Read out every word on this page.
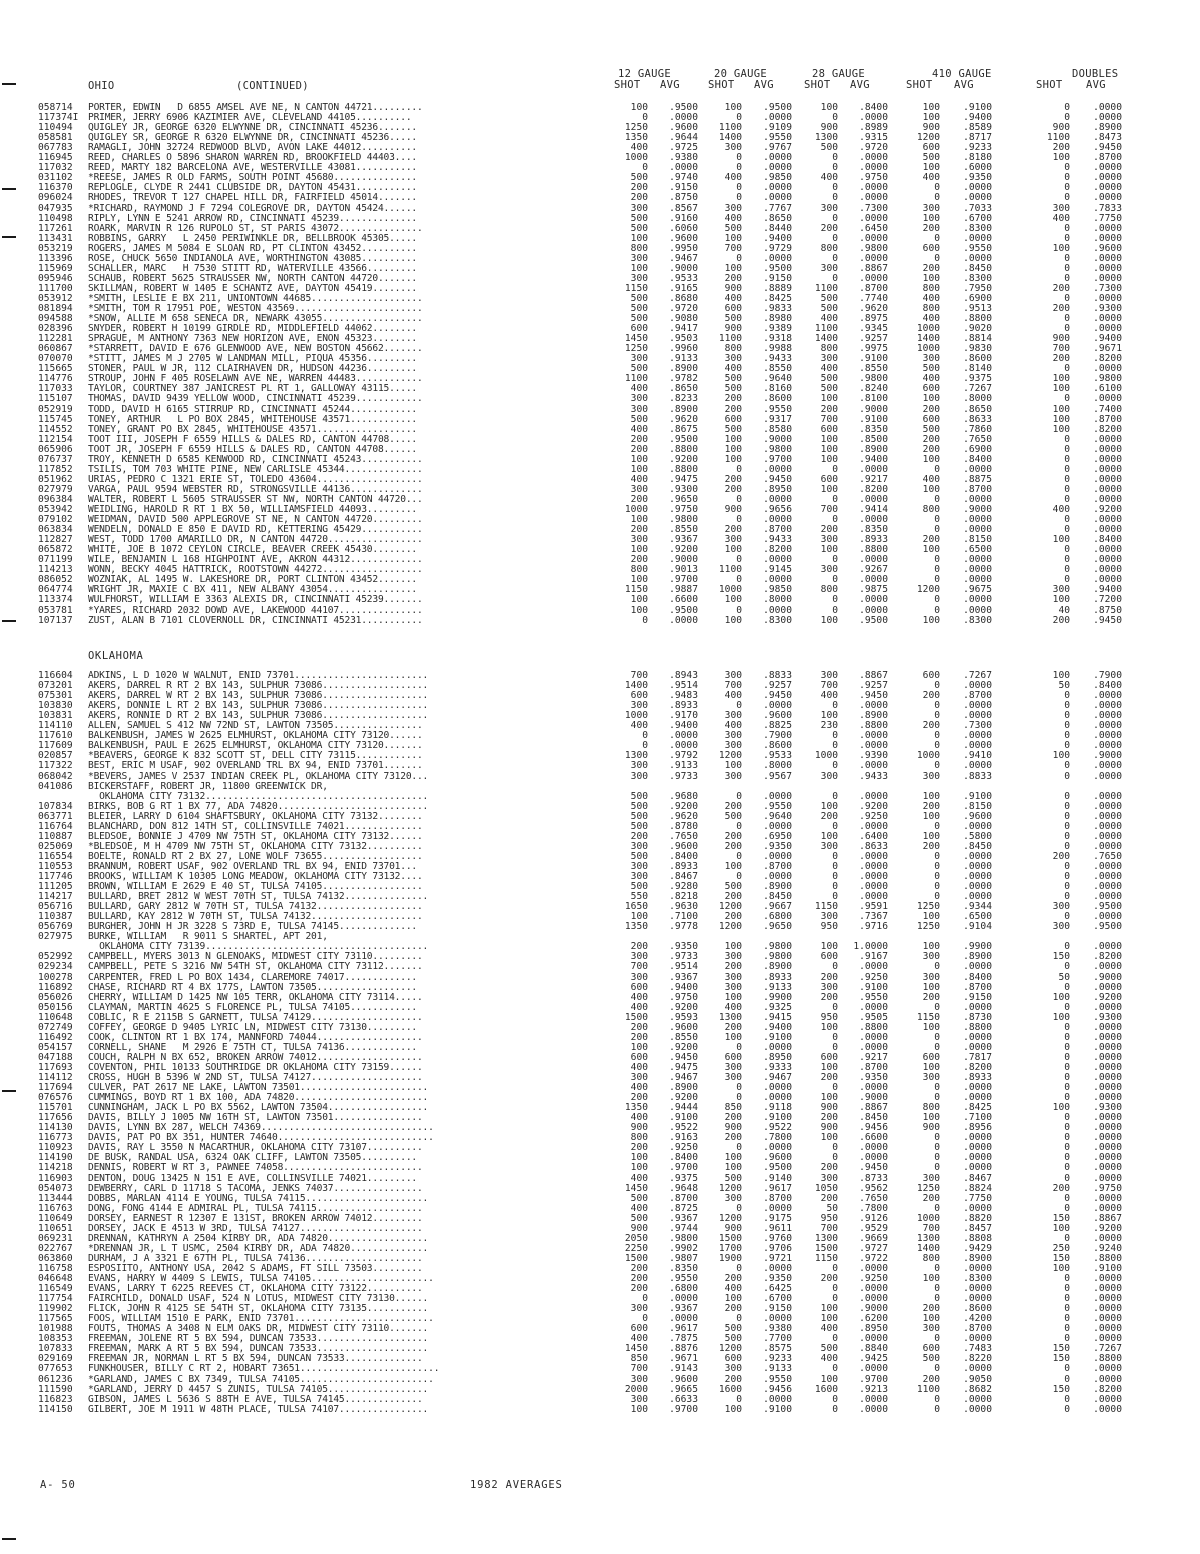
OHIO	(CONTINUED)
12 GAUGE	20 GAUGE	28 GAUGE	410 GAUGE	DOUBLES
SHOT AVG	SHOT AVG	SHOT AVG	SHOT AVG	SHOT AVG
058714	PORTER, EDWIN   D 6855 AMSEL AVE NE, N CANTON 44721.........	100	.9500	100	.9500	100	.8400	100	.9100	0	.0000
117374I PRIMER, JERRY 6906 KAZIMIER AVE, CLEVELAND 44105..........	0	.0000	0	.0000	0	.0000	100	.9400	0	.0000
110494	QUIGLEY JR, GEORGE 6320 ELWYNNE DR, CINCINNATI 45236.......	1250	.9600	1100	.9109	900	.8989	900	.8589	900	.8900
058581	QUIGLEY SR, GEORGE R 6320 ELWYNNE DR, CINCINNATI 45236.....	1350	.9644	1400	.9550	1300	.9315	1200	.8717	1100	.8473
067783	RAMAGLI, JOHN 32724 REDWOOD BLVD, AVON LAKE 44012..........	400	.9725	300	.9767	500	.9720	600	.9233	200	.9450
116945	REED, CHARLES O 5896 SHARON WARREN RD, BROOKFIELD 44403....	1000	.9380	0	.0000	0	.0000	500	.8180	100	.8700
117032	REED, MARTY 182 BARCELONA AVE, WESTERVILLE 43081...........	0	.0000	0	.0000	0	.0000	100	.6000	0	.0000
031102	*REESE, JAMES R OLD FARMS, SOUTH POINT 45680...............	500	.9740	400	.9850	400	.9750	400	.9350	0	.0000
116370	REPLOGLE, CLYDE R 2441 CLUBSIDE DR, DAYTON 45431...........	200	.9150	0	.0000	0	.0000	0	.0000	0	.0000
096024	RHODES, TREVOR T 127 CHAPEL HILL DR, FAIRFIELD 45014.......	200	.8750	0	.0000	0	.0000	0	.0000	0	.0000
047935	*RICHARD, RAYMOND J F 7294 COLEGROVE DR, DAYTON 45424......	300	.8567	300	.7767	300	.7300	300	.7033	300	.7833
110498	RIPLY, LYNN E 5241 ARROW RD, CINCINNATI 45239..............	500	.9160	400	.8650	0	.0000	100	.6700	400	.7750
117261	ROARK, MARVIN R 126 RUPOLO ST, ST PARIS 43072...............	500	.6060	500	.8440	200	.6450	200	.8300	0	.0000
113431	ROBBINS, GARRY   L 2450 PERIWINKLE DR, BELLBROOK 45305.....	100	.9600	100	.9400	0	.0000	0	.0000	0	.0000
053219	ROGERS, JAMES M 5084 E SLOAN RD, PT CLINTON 43452..........	800	.9950	700	.9729	800	.9800	600	.9550	100	.9600
113396	ROSE, CHUCK 5650 INDIANOLA AVE, WORTHINGTON 43085..........	300	.9467	0	.0000	0	.0000	0	.0000	0	.0000
115969	SCHALLER, MARC   H 7530 STITT RD, WATERVILLE 43566.........	100	.9000	100	.9500	300	.8867	200	.8450	0	.0000
095946	SCHAUB, ROBERT 5625 STRAUSSER NW, NORTH CANTON 44720.......	300	.9533	200	.9150	0	.0000	100	.8300	0	.0000
111700	SKILLMAN, ROBERT W 1405 E SCHANTZ AVE, DAYTON 45419........	1150	.9165	900	.8889	1100	.8700	800	.7950	200	.7300
053912	*SMITH, LESLIE E BX 211, UNIONTOWN 44685....................	500	.8680	400	.8425	500	.7740	400	.6900	0	.0000
081894	*SMITH, TOM R 17951 POE, WESTON 43569.......................	500	.9720	600	.9833	500	.9620	800	.9513	200	.9300
094588	*SNOW, ALLIE M 658 SENECA DR, NEWARK 43055..................	500	.9080	500	.8980	400	.8975	400	.8800	0	.0000
028396	SNYDER, ROBERT H 10199 GIRDLE RD, MIDDLEFIELD 44062........	600	.9417	900	.9389	1100	.9345	1000	.9020	0	.0000
112281	SPRAGUE, M ANTHONY 7363 NEW HORIZON AVE, ENON 45323........	1450	.9503	1100	.9318	1400	.9257	1400	.8814	900	.9400
060867	*STARRETT, DAVID E 676 GLENWOOD AVE, NEW BOSTON 45662.......	1250	.9960	800	.9988	800	.9975	1000	.9830	700	.9671
070070	*STITT, JAMES M J 2705 W LANDMAN MILL, PIQUA 45356.........	300	.9133	300	.9433	300	.9100	300	.8600	200	.8200
115665	STONER, PAUL W JR, 112 CLAIRHAVEN DR, HUDSON 44236.........	500	.8900	400	.8550	400	.8550	500	.8140	0	.0000
114776	STROUP, JOHN F 405 ROSELAWN AVE NE, WARREN 44483............	1100	.9782	500	.9640	500	.9800	400	.9375	100	.9800
117033	TAYLOR, COURTNEY 387 JANICREST PL RT 1, GALLOWAY 43115.....	400	.8650	500	.8160	500	.8240	600	.7267	100	.6100
115107	THOMAS, DAVID 9439 YELLOW WOOD, CINCINNATI 45239............	300	.8233	200	.8600	100	.8100	100	.8000	0	.0000
052919	TODD, DAVID H 6165 STIRRUP RD, CINCINNATI 45244............	300	.8900	200	.9550	200	.9000	200	.8650	100	.7400
115745	TONEY, ARTHUR   L PO BOX 2845, WHITEHOUSE 43571............	500	.9620	600	.9317	700	.9100	600	.8633	100	.8700
114552	TONEY, GRANT PO BX 2845, WHITEHOUSE 43571..................	400	.8675	500	.8580	600	.8350	500	.7860	100	.8200
112154	TOOT III, JOSEPH F 6559 HILLS & DALES RD, CANTON 44708.....	200	.9500	100	.9000	100	.8500	200	.7650	0	.0000
065906	TOOT JR, JOSEPH F 6559 HILLS & DALES RD, CANTON 44708......	200	.8800	100	.9800	100	.8900	200	.6900	0	.0000
076737	TROY, KENNETH D 6585 KENWOOD RD, CINCINNATI 45243...........	100	.9200	100	.9700	100	.9400	100	.8400	0	.0000
117852	TSILIS, TOM 703 WHITE PINE, NEW CARLISLE 45344..............	100	.8800	0	.0000	0	.0000	0	.0000	0	.0000
051962	URIAS, PEDRO C 1321 ERIE ST, TOLEDO 43604...................	400	.9475	200	.9450	600	.9217	400	.8875	0	.0000
027979	VARGA, PAUL 9594 WEBSTER RD, STRONGSVILLE 44136.............	300	.9300	200	.8950	100	.8200	100	.8700	0	.0000
096384	WALTER, ROBERT L 5605 STRAUSSER ST NW, NORTH CANTON 44720...	200	.9650	0	.0000	0	.0000	0	.0000	0	.0000
053942	WEIDLING, HAROLD R RT 1 BX 50, WILLIAMSFIELD 44093.........	1000	.9750	900	.9656	700	.9414	800	.9000	400	.9200
079102	WEIDMAN, DAVID 500 APPLEGROVE ST NE, N CANTON 44720.........	100	.9800	0	.0000	0	.0000	0	.0000	0	.0000
063834	WENDELN, DONALD E 850 E DAVID RD, KETTERING 45429...........	200	.8550	200	.8700	200	.8350	0	.0000	0	.0000
112827	WEST, TODD 1700 AMARILLO DR, N CANTON 44720.................	300	.9367	300	.9433	300	.8933	200	.8150	100	.8400
065872	WHITE, JOE B 1072 CEYLON CIRCLE, BEAVER CREEK 45430........	100	.9200	100	.8200	100	.8800	100	.6500	0	.0000
071199	WILE, BENJAMIN L 168 HIGHPOINT AVE, AKRON 44312.............	200	.9000	0	.0000	0	.0000	0	.0000	0	.0000
114213	WONN, BECKY 4045 HATTRICK, ROOTSTOWN 44272..................	800	.9013	1100	.9145	300	.9267	0	.0000	0	.0000
086052	WOZNIAK, AL 1495 W. LAKESHORE DR, PORT CLINTON 43452.......	100	.9700	0	.0000	0	.0000	0	.0000	0	.0000
064774	WRIGHT JR, MAXIE C BX 411, NEW ALBANY 43054................	1150	.9887	1000	.9850	800	.9875	1200	.9675	300	.9400
113374	WULFHORST, WILLIAM E 3363 ALEXIS DR, CINCINNATI 45239.......	100	.6600	100	.8000	0	.0000	0	.0000	100	.7200
053781	*YARES, RICHARD 2032 DOWD AVE, LAKEWOOD 44107...............	100	.9500	0	.0000	0	.0000	0	.0000	40	.8750
107137	ZUST, ALAN B 7101 CLOVERNOLL DR, CINCINNATI 45231...........	0	.0000	100	.8300	100	.9500	100	.8300	200	.9450
OKLAHOMA
116604	ADKINS, L D 1020 W WALNUT, ENID 73701........................	700	.8943	300	.8833	300	.8867	600	.7267	100	.7900
073201	AKERS, DARREL R RT 2 BX 143, SULPHUR 73086...................	1400	.9514	700	.9257	700	.9257	0	.0000	50	.8400
075301	AKERS, DARREL W RT 2 BX 143, SULPHUR 73086...................	600	.9483	400	.9450	400	.9450	200	.8700	0	.0000
103830	AKERS, DONNIE L RT 2 BX 143, SULPHUR 73086...................	300	.8933	0	.0000	0	.0000	0	.0000	0	.0000
103831	AKERS, RONNIE D RT 2 BX 143, SULPHUR 73086...................	1000	.9170	300	.9600	100	.8900	0	.0000	0	.0000
114110	ALLEN, SAMUEL S 412 NW 72ND ST, LAWTON 73505................	400	.9400	400	.8825	230	.8800	200	.7300	0	.0000
117610	BALKENBUSH, JAMES W 2625 ELMHURST, OKLAHOMA CITY 73120......	0	.0000	300	.7900	0	.0000	0	.0000	0	.0000
117609	BALKENBUSH, PAUL E 2625 ELMHURST, OKLAHOMA CITY 73120.......	0	.0000	300	.8600	0	.0000	0	.0000	0	.0000
020857	*BEAVERS, GEORGE K 832 SCOTT ST, DELL CITY 73115............	1300	.9792	1200	.9533	1000	.9390	1000	.9410	100	.9000
117322	BEST, ERIC M USAF, 902 OVERLAND TRL BX 94, ENID 73701.......	300	.9133	100	.8000	0	.0000	0	.0000	0	.0000
068042	*BEVERS, JAMES V 2537 INDIAN CREEK PL, OKLAHOMA CITY 73120...	300	.9733	300	.9567	300	.9433	300	.8833	0	.0000
041086	BICKERSTAFF, ROBERT JR, 11800 GREENWICK DR,
OKLAHOMA CITY 73132........................................	500	.9680	0	.0000	0	.0000	100	.9100	0	.0000
107834	BIRKS, BOB G RT 1 BX 77, ADA 74820...........................	500	.9200	200	.9550	100	.9200	200	.8150	0	.0000
063771	BLEIER, LARRY D 6104 SHAFTSBURY, OKLAHOMA CITY 73132........	500	.9620	500	.9640	200	.9250	100	.9600	0	.0000
116764	BLANCHARD, DON 812 14TH ST, COLLINSVILLE 74021..............	500	.8780	0	.0000	0	.0000	0	.0000	0	.0000
110887	BLEDSOE, BONNIE J 4709 NW 75TH ST, OKLAHOMA CITY 73132......	200	.7650	200	.6950	100	.6400	100	.5800	0	.0000
025069	*BLEDSOE, M H 4709 NW 75TH ST, OKLAHOMA CITY 73132..........	300	.9600	200	.9350	300	.8633	200	.8450	0	.0000
116554	BOELTE, RONALD RT 2 BX 27, LONE WOLF 73655..................	500	.8400	0	.0000	0	.0000	0	.0000	200	.7650
110553	BRANNUM, ROBERT USAF, 902 OVERLAND TRL BX 94, ENID 73701...	300	.8933	100	.8700	0	.0000	0	.0000	0	.0000
117746	BROOKS, WILLIAM K 10305 LONG MEADOW, OKLAHOMA CITY 73132....	300	.8467	0	.0000	0	.0000	0	.0000	0	.0000
111205	BROWN, WILLIAM E 2629 E 40 ST, TULSA 74105..................	500	.9280	500	.8900	0	.0000	0	.0000	0	.0000
114217	BULLARD, BRET 2812 W WEST 70TH ST, TULSA 74132...............	550	.8218	200	.8450	0	.0000	0	.0000	0	.0000
056716	BULLARD, GARY 2812 W 70TH ST, TULSA 74132...................	1650	.9630	1200	.9667	1150	.9591	1250	.9344	300	.9500
110387	BULLARD, KAY 2812 W 70TH ST, TULSA 74132....................	100	.7100	200	.6800	300	.7367	100	.6500	0	.0000
056769	BURGHER, JOHN H JR 3228 S 73RD E, TULSA 74145..............	1350	.9778	1200	.9650	950	.9716	1250	.9104	300	.9500
027975	BURKE, WILLIAM   R 9011 S SHARTEL, APT 201,
OKLAHOMA CITY 73139........................................	200	.9350	100	.9800	100	1.0000	100	.9900	0	.0000
052992	CAMPBELL, MYERS 3013 N GLENOAKS, MIDWEST CITY 73110.........	300	.9733	300	.9800	600	.9167	300	.8900	150	.8200
029234	CAMPBELL, PETE S 3216 NW 54TH ST, OKLAHOMA CITY 73112.......	700	.9514	200	.8900	0	.0000	0	.0000	0	.0000
100278	CARPENTER, FRED L PO BOX 1434, CLAREMORE 74017.............	300	.9367	300	.8933	200	.9250	300	.8400	50	.9000
116892	CHASE, RICHARD RT 4 BX 177S, LAWTON 73505..................	600	.9400	300	.9133	300	.9100	100	.8700	0	.0000
056026	CHERRY, WILLIAM D 1425 NW 105 TERR, OKLAHOMA CITY 73114.....	400	.9750	100	.9900	200	.9550	200	.9150	100	.9200
050156	CLAYMAN, MARTIN 4625 S FLORENCE PL, TULSA 74105............	400	.9200	400	.9325	0	.0000	0	.0000	0	.0000
110648	COBLIC, R E 2115B S GARNETT, TULSA 74129....................	1500	.9593	1300	.9415	950	.9505	1150	.8730	100	.9300
072749	COFFEY, GEORGE D 9405 LYRIC LN, MIDWEST CITY 73130.........	200	.9600	200	.9400	100	.8800	100	.8800	0	.0000
116492	COOK, CLINTON RT 1 BX 174, MANNFORD 74044...................	200	.8550	100	.9100	0	.0000	0	.0000	0	.0000
054157	CORNELL, SHANE   M 2926 E 75TH CT, TULSA 74136.............	100	.9200	0	.0000	0	.0000	0	.0000	0	.0000
047188	COUCH, RALPH N BX 652, BROKEN ARROW 74012...................	600	.9450	600	.8950	600	.9217	600	.7817	0	.0000
117693	COVENTON, PHIL 10133 SOUTHRIDGE DR OKLAHOMA CITY 73159......	400	.9475	300	.9333	100	.8700	100	.8200	0	.0000
114112	CROSS, HUGH B 5396 W 2ND ST, TULSA 74127....................	300	.9467	300	.9467	200	.9350	300	.8933	0	.0000
117694	CULVER, PAT 2617 NE LAKE, LAWTON 73501.......................	400	.8900	0	.0000	0	.0000	0	.0000	0	.0000
076576	CUMMINGS, BOYD RT 1 BX 100, ADA 74820........................	200	.9200	0	.0000	100	.9000	0	.0000	0	.0000
115701	CUNNINGHAM, JACK L PO BX 5562, LAWTON 73504..................	1350	.9444	850	.9118	900	.8867	800	.8425	100	.9300
117656	DAVIS, BILLY J 1005 NW 16TH ST, LAWTON 73501................	400	.9100	200	.9100	200	.8450	100	.7100	0	.0000
114130	DAVIS, LYNN BX 287, WELCH 74369...............................	900	.9522	900	.9522	900	.9456	900	.8956	0	.0000
116773	DAVIS, PAT PO BX 351, HUNTER 74640............................	800	.9163	200	.7800	100	.6600	0	.0000	0	.0000
110923	DAVIS, RAY L 3550 N MACARTHUR, OKLAHOMA CITY 73107..........	200	.9250	0	.0000	0	.0000	0	.0000	0	.0000
114190	DE BUSK, RANDAL USA, 6324 OAK CLIFF, LAWTON 73505..........	100	.8400	100	.9600	0	.0000	0	.0000	0	.0000
114218	DENNIS, ROBERT W RT 3, PAWNEE 74058.........................	100	.9700	100	.9500	200	.9450	0	.0000	0	.0000
116903	DENTON, DOUG 13425 N 151 E AVE, COLLINSVILLE 74021.........	400	.9375	500	.9140	300	.8733	300	.8467	0	.0000
054073	DEWBERRY, CARL D 11718 S TACOMA, JENKS 74037................	1450	.9648	1200	.9617	1050	.9562	1250	.8824	200	.9750
113444	DOBBS, MARLAN 4114 E YOUNG, TULSA 74115......................	500	.8700	300	.8700	200	.7650	200	.7750	0	.0000
116763	DONG, FONG 4144 E ADMIRAL PL, TULSA 74115...................	400	.8725	0	.0000	50	.7800	0	.0000	0	.0000
110649	DORSEY, EARNEST R 12307 E 131ST, BROKEN ARROW 74012.........	500	.9367	1200	.9175	950	.9126	1000	.8820	150	.8867
110651	DORSEY, JACK E 4513 W 3RD, TULSA 74127......................	900	.9744	900	.9611	700	.9529	700	.8457	100	.9200
069231	DRENNAN, KATHRYN A 2504 KIRBY DR, ADA 74820..................	2050	.9800	1500	.9760	1300	.9669	1300	.8808	0	.0000
022767	*DRENNAN JR, L T USMC, 2504 KIRBY DR, ADA 74820..............	2250	.9902	1700	.9706	1500	.9727	1400	.9429	250	.9240
063860	DURHAM, J A 3321 E 67TH PL, TULSA 74136.....................	1500	.9807	1900	.9721	1150	.9722	800	.8900	150	.8800
116758	ESPOSIITO, ANTHONY USA, 2042 S ADAMS, FT SILL 73503.........	200	.8350	0	.0000	0	.0000	0	.0000	100	.9100
046648	EVANS, HARRY W 4409 S LEWIS, TULSA 74105......................	200	.9550	200	.9350	200	.9250	100	.8300	0	.0000
116549	EVANS, LARRY T 6225 REEVES CT, OKLAHOMA CITY 73122..........	200	.6800	400	.6425	0	.0000	0	.0000	0	.0000
117754	FAIRCHILD, DONALD USAF, 524 N LOTUS, MIDWEST CITY 73130......	0	.0000	100	.6700	0	.0000	0	.0000	0	.0000
119902	FLICK, JOHN R 4125 SE 54TH ST, OKLAHOMA CITY 73135...........	300	.9367	200	.9150	100	.9000	200	.8600	0	.0000
117565	FOOS, WILLIAM 1510 E PARK, ENID 73701.........................	0	.0000	0	.0000	100	.6200	100	.4200	0	.0000
101988	FOUTS, THOMAS A 3408 N ELM OAKS DR, MIDWEST CITY 73110.......	600	.9617	500	.9380	400	.8950	300	.8700	0	.0000
108353	FREEMAN, JOLENE RT 5 BX 594, DUNCAN 73533....................	400	.7875	500	.7700	0	.0000	0	.0000	0	.0000
107833	FREEMAN, MARK A RT 5 BX 594, DUNCAN 73533....................	1450	.8876	1200	.8575	500	.8840	600	.7483	150	.7267
029169	FREEMAN JR, NORMAN L RT 5 BX 594, DUNCAN 73533..............	850	.9671	600	.9233	400	.9425	500	.8220	150	.8800
077653	FUNKHOUSER, BILLY C RT 2, HOBART 73651.........................	700	.9143	300	.9133	0	.0000	0	.0000	0	.0000
061236	*GARLAND, JAMES C BX 7349, TULSA 74105........................	300	.9600	200	.9550	100	.9700	200	.9050	0	.0000
111590	*GARLAND, JERRY D 4457 S ZUNIS, TULSA 74105..................	2000	.9665	1600	.9456	1600	.9213	1100	.8682	150	.8200
116823	GIBSON, JAMES L 5636 S 88TH E AVE, TULSA 74145..............	300	.6633	0	.0000	0	.0000	0	.0000	0	.0000
114150	GILBERT, JOE M 1911 W 48TH PLACE, TULSA 74107................	100	.9700	100	.9100	0	.0000	0	.0000	0	.0000
A- 50	1982 AVERAGES
